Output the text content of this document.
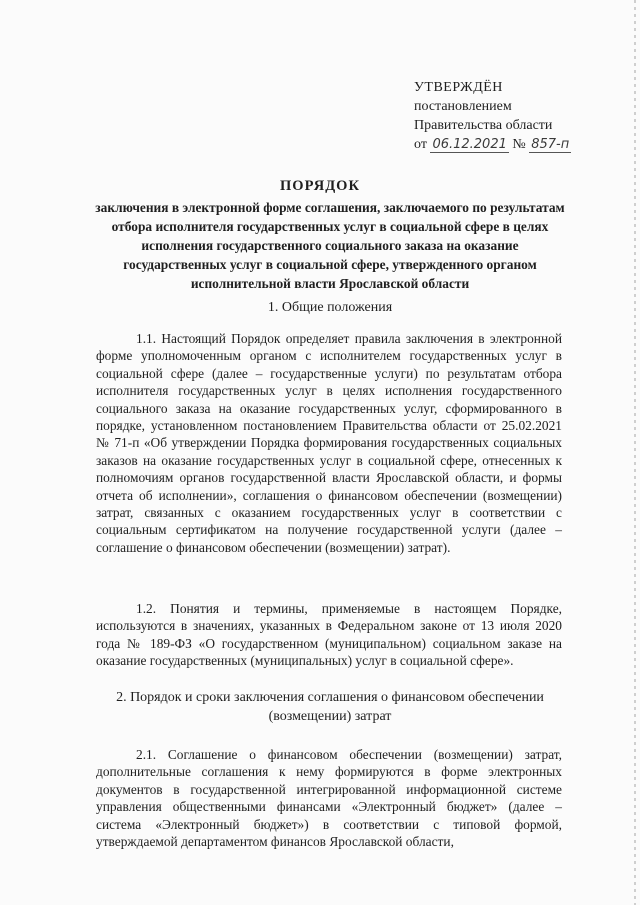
УТВЕРЖДЁН
постановлением
Правительства области
от 06.12.2021 № 857-п
ПОРЯДОК
заключения в электронной форме соглашения, заключаемого по результатам отбора исполнителя государственных услуг в социальной сфере в целях исполнения государственного социального заказа на оказание государственных услуг в социальной сфере, утвержденного органом исполнительной власти Ярославской области
1. Общие положения
1.1. Настоящий Порядок определяет правила заключения в электронной форме уполномоченным органом с исполнителем государственных услуг в социальной сфере (далее – государственные услуги) по результатам отбора исполнителя государственных услуг в целях исполнения государственного социального заказа на оказание государственных услуг, сформированного в порядке, установленном постановлением Правительства области от 25.02.2021 № 71-п «Об утверждении Порядка формирования государственных социальных заказов на оказание государственных услуг в социальной сфере, отнесенных к полномочиям органов государственной власти Ярославской области, и формы отчета об исполнении», соглашения о финансовом обеспечении (возмещении) затрат, связанных с оказанием государственных услуг в соответствии с социальным сертификатом на получение государственной услуги (далее – соглашение о финансовом обеспечении (возмещении) затрат).
1.2. Понятия и термины, применяемые в настоящем Порядке, используются в значениях, указанных в Федеральном законе от 13 июля 2020 года № 189-ФЗ «О государственном (муниципальном) социальном заказе на оказание государственных (муниципальных) услуг в социальной сфере».
2. Порядок и сроки заключения соглашения о финансовом обеспечении (возмещении) затрат
2.1. Соглашение о финансовом обеспечении (возмещении) затрат, дополнительные соглашения к нему формируются в форме электронных документов в государственной интегрированной информационной системе управления общественными финансами «Электронный бюджет» (далее – система «Электронный бюджет») в соответствии с типовой формой, утверждаемой департаментом финансов Ярославской области,
